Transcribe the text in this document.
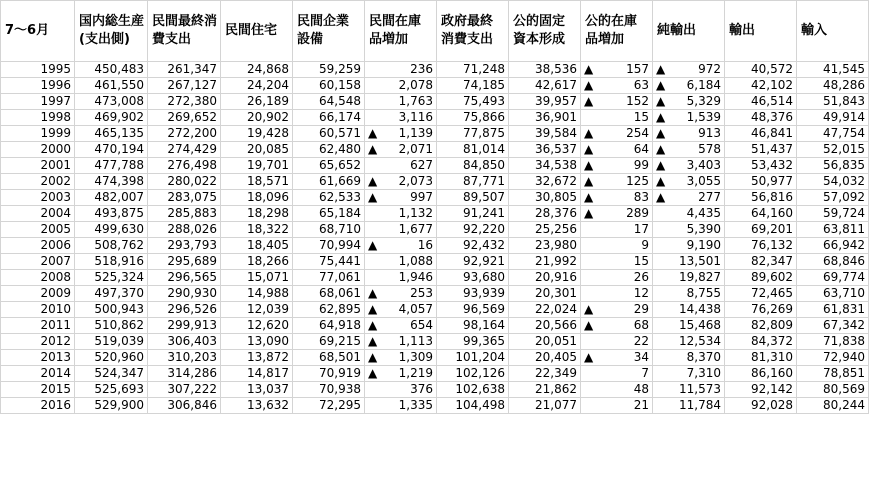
7～6月	国内総生産(支出側)	民間最終消費支出	民間住宅	民間企業設備	民間在庫品増加	政府最終消費支出	公的固定資本形成	公的在庫品増加	純輸出	輸出	輸入
1995	450,483	261,347	24,868	59,259	236	71,248	38,536	▲ 157	▲ 972	40,572	41,545
1996	461,550	267,127	24,204	60,158	2,078	74,185	42,617	▲ 63	▲ 6,184	42,102	48,286
1997	473,008	272,380	26,189	64,548	1,763	75,493	39,957	▲ 152	▲ 5,329	46,514	51,843
1998	469,902	269,652	20,902	66,174	3,116	75,866	36,901	15	▲ 1,539	48,376	49,914
1999	465,135	272,200	19,428	60,571	▲ 1,139	77,875	39,584	▲ 254	▲ 913	46,841	47,754
2000	470,194	274,429	20,085	62,480	▲ 2,071	81,014	36,537	▲ 64	▲ 578	51,437	52,015
2001	477,788	276,498	19,701	65,652	627	84,850	34,538	▲ 99	▲ 3,403	53,432	56,835
2002	474,398	280,022	18,571	61,669	▲ 2,073	87,771	32,672	▲ 125	▲ 3,055	50,977	54,032
2003	482,007	283,075	18,096	62,533	▲ 997	89,507	30,805	▲ 83	▲ 277	56,816	57,092
2004	493,875	285,883	18,298	65,184	1,132	91,241	28,376	▲ 289	4,435	64,160	59,724
2005	499,630	288,026	18,322	68,710	1,677	92,220	25,256	17	5,390	69,201	63,811
2006	508,762	293,793	18,405	70,994	▲ 16	92,432	23,980	9	9,190	76,132	66,942
2007	518,916	295,689	18,266	75,441	1,088	92,921	21,992	15	13,501	82,347	68,846
2008	525,324	296,565	15,071	77,061	1,946	93,680	20,916	26	19,827	89,602	69,774
2009	497,370	290,930	14,988	68,061	▲ 253	93,939	20,301	12	8,755	72,465	63,710
2010	500,943	296,526	12,039	62,895	▲ 4,057	96,569	22,024	▲ 29	14,438	76,269	61,831
2011	510,862	299,913	12,620	64,918	▲ 654	98,164	20,566	▲ 68	15,468	82,809	67,342
2012	519,039	306,403	13,090	69,215	▲ 1,113	99,365	20,051	22	12,534	84,372	71,838
2013	520,960	310,203	13,872	68,501	▲ 1,309	101,204	20,405	▲ 34	8,370	81,310	72,940
2014	524,347	314,286	14,817	70,919	▲ 1,219	102,126	22,349	7	7,310	86,160	78,851
2015	525,693	307,222	13,037	70,938	376	102,638	21,862	48	11,573	92,142	80,569
2016	529,900	306,846	13,632	72,295	1,335	104,498	21,077	21	11,784	92,028	80,244
